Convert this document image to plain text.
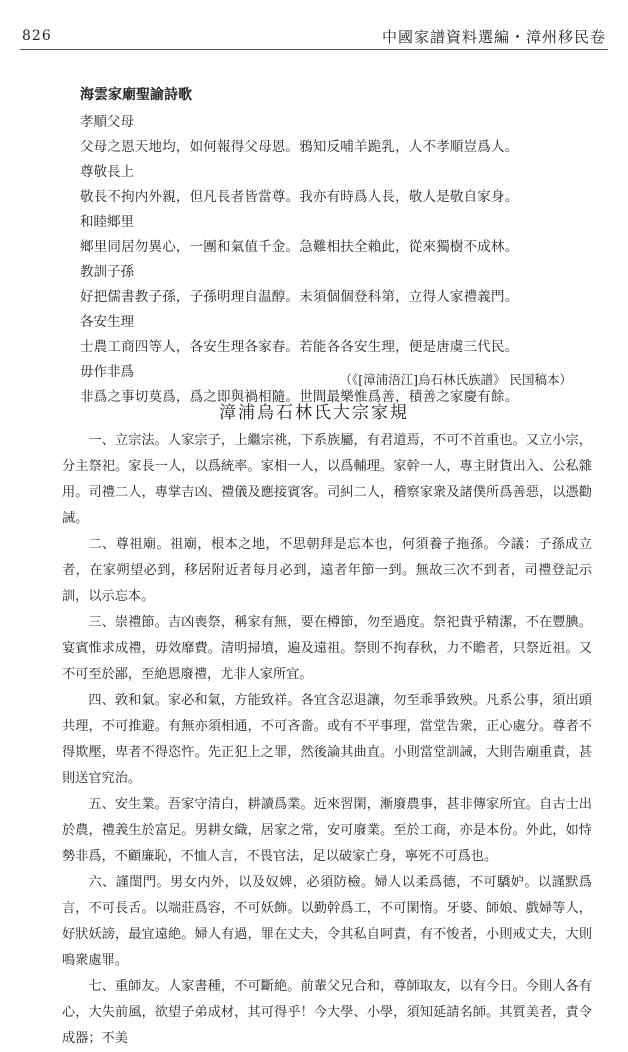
826	中國家譜資料選編・漳州移民卷
海雲家廟聖諭詩歌
孝順父母
父母之恩天地均，如何報得父母恩。鴉知反哺羊跪乳，人不孝順豈爲人。
尊敬長上
敬長不拘内外親，但凡長者皆當尊。我亦有時爲人長，敬人是敬自家身。
和睦鄉里
鄉里同居勿異心，一團和氣值千金。急難相扶全賴此，從來獨樹不成林。
教訓子孫
好把儒書教子孫，子孫明理自温醇。未須個個登科第，立得人家禮義門。
各安生理
士農工商四等人，各安生理各家春。若能各各安生理，便是唐虞三代民。
毋作非爲
非爲之事切莫爲，爲之即與禍相隨。世間最樂惟爲善，積善之家慶有餘。
（《[漳浦浯江]烏石林氏族譜》 民国稿本）
漳浦烏石林氏大宗家規

一、立宗法。人家宗子，上繼宗祧，下系族屬，有君道焉，不可不首重也。又立小宗，分主祭祀。家長一人，以爲統率。家相一人，以爲輔理。家幹一人，專主財貨出入、公私雜用。司禮二人，專掌吉凶、禮儀及應接賓客。司糾二人，稽察家衆及諸僕所爲善惡，以憑勸誡。

二、尊祖廟。祖廟，根本之地，不思朝拜是忘本也，何須養子拖孫。今議：子孫成立者，在家朔望必到，移居附近者每月必到，遠者年節一到。無故三次不到者，司禮登記示訓，以示忘本。

三、崇禮節。吉凶喪祭，稱家有無，要在樽節，勿至過度。祭祀貴乎精潔，不在豐腆。宴賓惟求成禮，毋效靡費。清明掃墳，遍及遠祖。祭則不拘春秋，力不贍者，只祭近祖。又不可至於鄙，至絶恩廢禮，尤非人家所宜。

四、敦和氣。家必和氣，方能致祥。各宜含忍退讓，勿至乖爭致殃。凡系公事，須出頭共理，不可推避。有無亦須相通，不可吝嗇。或有不平事理，當堂告衆，正心處分。尊者不得欺壓，卑者不得恣忤。先正犯上之罪，然後論其曲直。小則當堂訓誡，大則告廟重責，甚則送官究治。

五、安生業。吾家守清白，耕讀爲業。近來習閑，漸廢農事，甚非傳家所宜。自古士出於農，禮義生於富足。男耕女織，居家之常，安可廢業。至於工商，亦是本份。外此，如恃勢非爲，不顧廉恥，不恤人言，不畏官法，足以破家亡身，寧死不可爲也。

六、謹閨門。男女内外，以及奴婢，必須防檢。婦人以柔爲德，不可驕妒。以謹默爲言，不可長舌。以端莊爲容，不可妖飾。以勤幹爲工，不可閑惰。牙婆、師娘、戲婦等人，好狀妖謗，最宜遠絶。婦人有過，罪在丈夫，令其私自呵責，有不悛者，小則戒丈夫，大則鳴衆處罪。

七、重師友。人家書種，不可斷絶。前輩父兄合和，尊師取友，以有今日。今則人各有心，大失前風，欲望子弟成材，其可得乎！今大學、小學，須知延請名師。其質美者，責令成器；不美
